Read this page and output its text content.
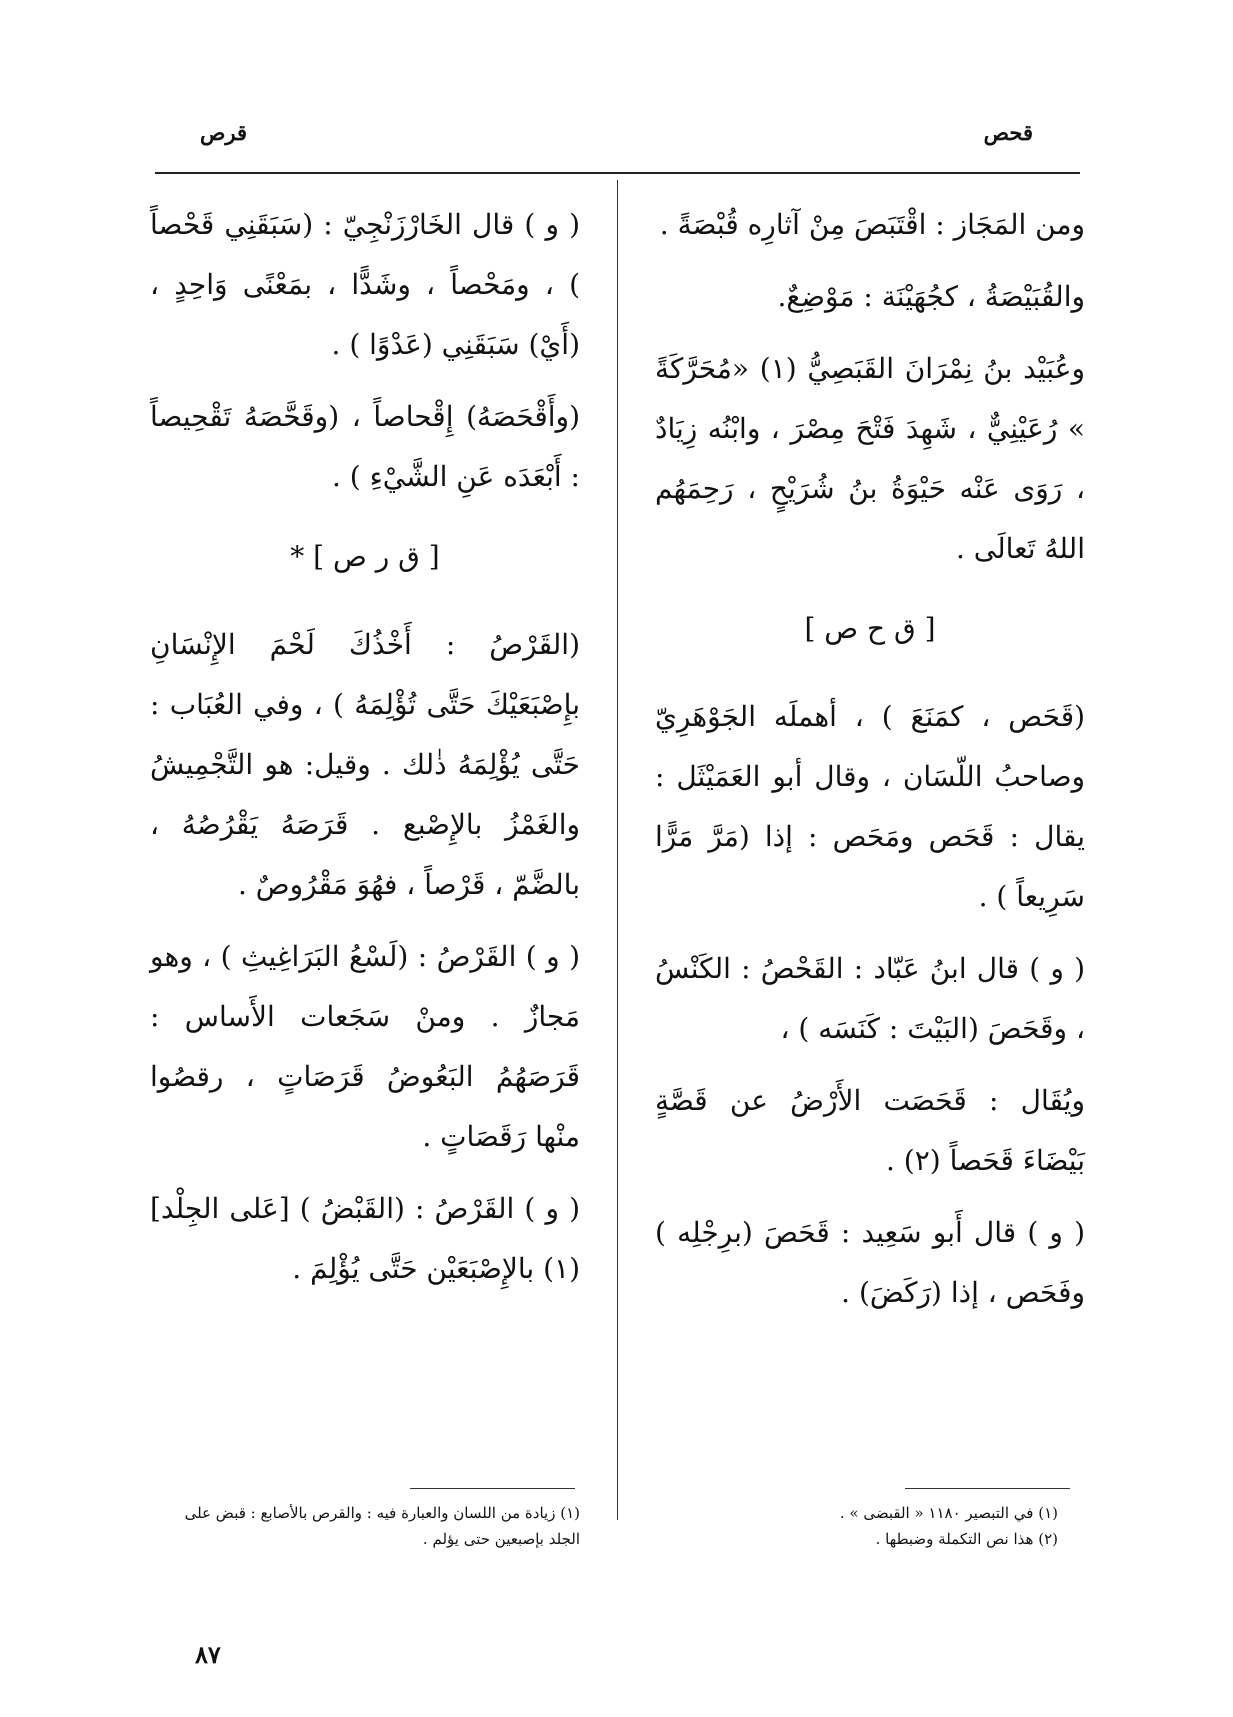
قحص
قرص

ومن المَجَاز : اقْتَبَصَ مِنْ آثارِه قُبْصَةً .

والقُبَيْصَةُ ، كجُهَيْنَة : مَوْضِعٌ.

وعُبَيْد بنُ نِمْرَانَ القَبَصِيُّ (١) «مُحَرَّكَةً » رُعَيْنِيٌّ ، شَهِدَ فَتْحَ مِصْرَ ، وابْنُه زِيَادٌ ، رَوَى عَنْه حَيْوَةُ بنُ شُرَيْحٍ ، رَحِمَهُم اللهُ تَعالَى .

[ ق ح ص ]

(قَحَص ، كمَنَعَ ) ، أهملَه الجَوْهَرِيّ وصاحبُ اللّسَان ، وقال أبو العَمَيْثَل : يقال : قَحَص ومَحَص : إذا (مَرَّ مَرًّا سَرِيعاً ) .

( و ) قال ابنُ عَبّاد : القَحْصُ : الكَنْسُ ، وقَحَصَ (البَيْتَ : كَنَسَه ) ،

ويُقَال : قَحَصَت الأَرْضُ عن قَصَّةٍ بَيْضَاءَ قَحَصاً (٢) .

( و ) قال أَبو سَعِيد : قَحَصَ (برِجْلِه ) وفَحَص ، إذا (رَكَضَ) .

( و ) قال الخَارْزَنْجِيّ : (سَبَقَنِي قَحْصاً ) ، ومَحْصاً ، وشَدًّا ، بمَعْنًى وَاحِدٍ ، (أَيْ) سَبَقَنِي (عَدْوًا ) .

(وأَقْحَصَهُ) إِقْحاصاً ، (وقَحَّصَهُ تَقْحِيصاً : أَبْعَدَه عَنِ الشَّيْءِ ) .

[ ق ر ص ] *

(القَرْصُ : أَخْذُكَ لَحْمَ الإِنْسَانِ بإِصْبَعَيْكَ حَتَّى تُؤْلِمَهُ ) ، وفي العُبَاب : حَتَّى يُؤْلِمَهُ ذٰلك . وقيل: هو التَّجْمِيشُ والغَمْزُ بالإِصْبع . قَرَصَهُ يَقْرُصُهُ ، بالضَّمّ ، قَرْصاً ، فهُوَ مَقْرُوصٌ .

( و ) القَرْصُ : (لَسْعُ البَرَاغِيثِ ) ، وهو مَجازٌ . ومنْ سَجَعات الأَساس : قَرَصَهُمُ البَعُوضُ قَرَصَاتٍ ، رقصُوا منْها رَقَصَاتٍ .

( و ) القَرْصُ : (القَبْضُ ) [عَلى الجِلْد] (١) بالإِصْبَعَيْن حَتَّى يُؤْلِمَ .

(١) في التبصير ١١٨٠ « القبضى » .

(٢) هذا نص التكملة وضبطها .

(١) زيادة من اللسان والعبارة فيه : والقرص بالأصابع : قبض على الجلد بإصبعين حتى يؤلم .

٨٧
